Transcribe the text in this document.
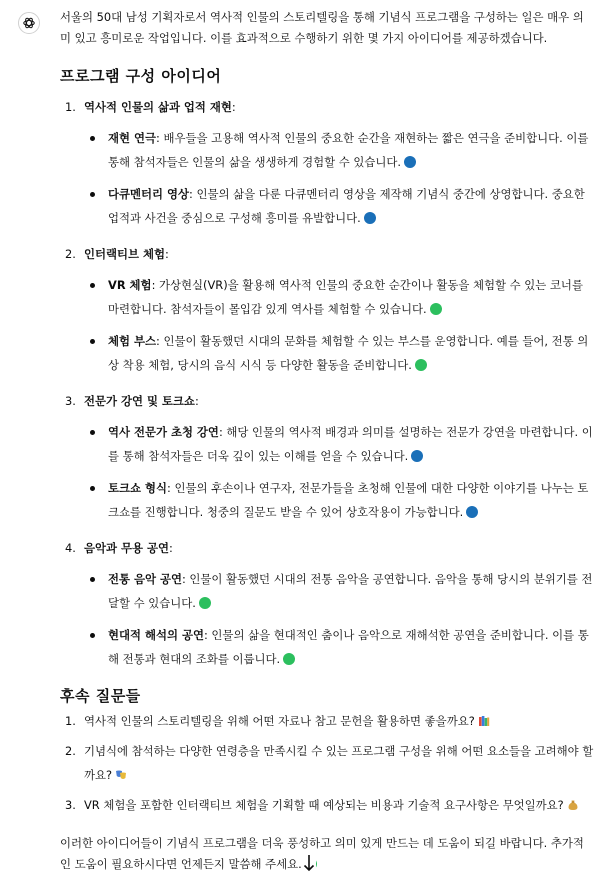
서울의 50대 남성 기획자로서 역사적 인물의 스토리텔링을 통해 기념식 프로그램을 구성하는 일은 매우 의미 있고 흥미로운 작업입니다. 이를 효과적으로 수행하기 위한 몇 가지 아이디어를 제공하겠습니다.

프로그램 구성 아이디어
1. 역사적 인물의 삶과 업적 재현:
재현 연극: 배우들을 고용해 역사적 인물의 중요한 순간을 재현하는 짧은 연극을 준비합니다. 이를 통해 참석자들은 인물의 삶을 생생하게 경험할 수 있습니다.
다큐멘터리 영상: 인물의 삶을 다룬 다큐멘터리 영상을 제작해 기념식 중간에 상영합니다. 중요한 업적과 사건을 중심으로 구성해 흥미를 유발합니다.
2. 인터랙티브 체험:
VR 체험: 가상현실(VR)을 활용해 역사적 인물의 중요한 순간이나 활동을 체험할 수 있는 코너를 마련합니다. 참석자들이 몰입감 있게 역사를 체험할 수 있습니다.
체험 부스: 인물이 활동했던 시대의 문화를 체험할 수 있는 부스를 운영합니다. 예를 들어, 전통 의상 착용 체험, 당시의 음식 시식 등 다양한 활동을 준비합니다.
3. 전문가 강연 및 토크쇼:
역사 전문가 초청 강연: 해당 인물의 역사적 배경과 의미를 설명하는 전문가 강연을 마련합니다. 이를 통해 참석자들은 더욱 깊이 있는 이해를 얻을 수 있습니다.
토크쇼 형식: 인물의 후손이나 연구자, 전문가들을 초청해 인물에 대한 다양한 이야기를 나누는 토크쇼를 진행합니다. 청중의 질문도 받을 수 있어 상호작용이 가능합니다.
4. 음악과 무용 공연:
전통 음악 공연: 인물이 활동했던 시대의 전통 음악을 공연합니다. 음악을 통해 당시의 분위기를 전달할 수 있습니다.
현대적 해석의 공연: 인물의 삶을 현대적인 춤이나 음악으로 재해석한 공연을 준비합니다. 이를 통해 전통과 현대의 조화를 이룹니다.
후속 질문들
1. 역사적 인물의 스토리텔링을 위해 어떤 자료나 참고 문헌을 활용하면 좋을까요?
2. 기념식에 참석하는 다양한 연령층을 만족시킬 수 있는 프로그램 구성을 위해 어떤 요소들을 고려해야 할까요?
3. VR 체험을 포함한 인터랙티브 체험을 기획할 때 예상되는 비용과 기술적 요구사항은 무엇일까요?

이러한 아이디어들이 기념식 프로그램을 더욱 풍성하고 의미 있게 만드는 데 도움이 되길 바랍니다. 추가적인 도움이 필요하시다면 언제든지 말씀해 주세요.
